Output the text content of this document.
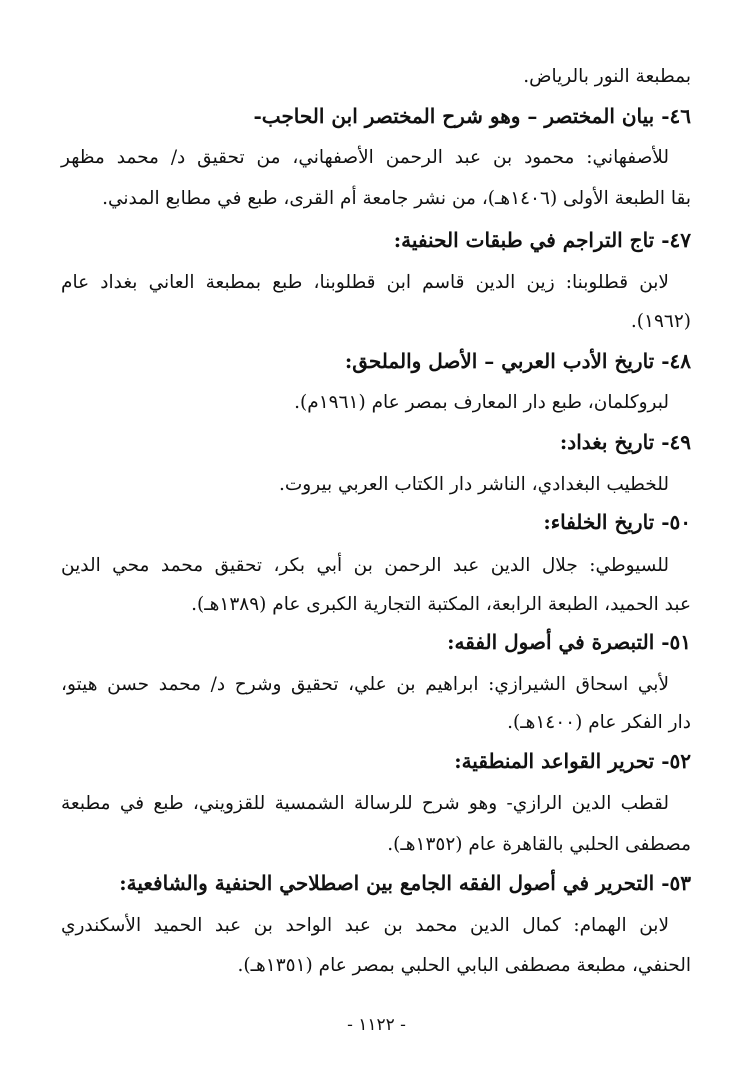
بمطبعة النور بالرياض.
٤٦- بيان المختصر – وهو شرح المختصر ابن الحاجب-
للأصفهاني: محمود بن عبد الرحمن الأصفهاني، من تحقيق د/ محمد مظهر
بقا الطبعة الأولى (١٤٠٦هـ)، من نشر جامعة أم القرى، طبع في مطابع المدني.
٤٧- تاج التراجم في طبقات الحنفية:
لابن قطلوبنا: زين الدين قاسم ابن قطلوبنا، طبع بمطبعة العاني بغداد عام
(١٩٦٢).
٤٨- تاريخ الأدب العربي – الأصل والملحق:
لبروكلمان، طبع دار المعارف بمصر عام (١٩٦١م).
٤٩- تاريخ بغداد:
للخطيب البغدادي، الناشر دار الكتاب العربي بيروت.
٥٠- تاريخ الخلفاء:
للسيوطي: جلال الدين عبد الرحمن بن أبي بكر، تحقيق محمد محي الدين
عبد الحميد، الطبعة الرابعة، المكتبة التجارية الكبرى عام (١٣٨٩هـ).
٥١- التبصرة في أصول الفقه:
لأبي اسحاق الشيرازي: ابراهيم بن علي، تحقيق وشرح د/ محمد حسن هيتو،
دار الفكر عام (١٤٠٠هـ).
٥٢- تحرير القواعد المنطقية:
لقطب الدين الرازي- وهو شرح للرسالة الشمسية للقزويني، طبع في مطبعة
مصطفى الحلبي بالقاهرة عام (١٣٥٢هـ).
٥٣- التحرير في أصول الفقه الجامع بين اصطلاحي الحنفية والشافعية:
لابن الهمام: كمال الدين محمد بن عبد الواحد بن عبد الحميد الأسكندري
الحنفي، مطبعة مصطفى البابي الحلبي بمصر عام (١٣٥١هـ).
- ١١٢٢ -
